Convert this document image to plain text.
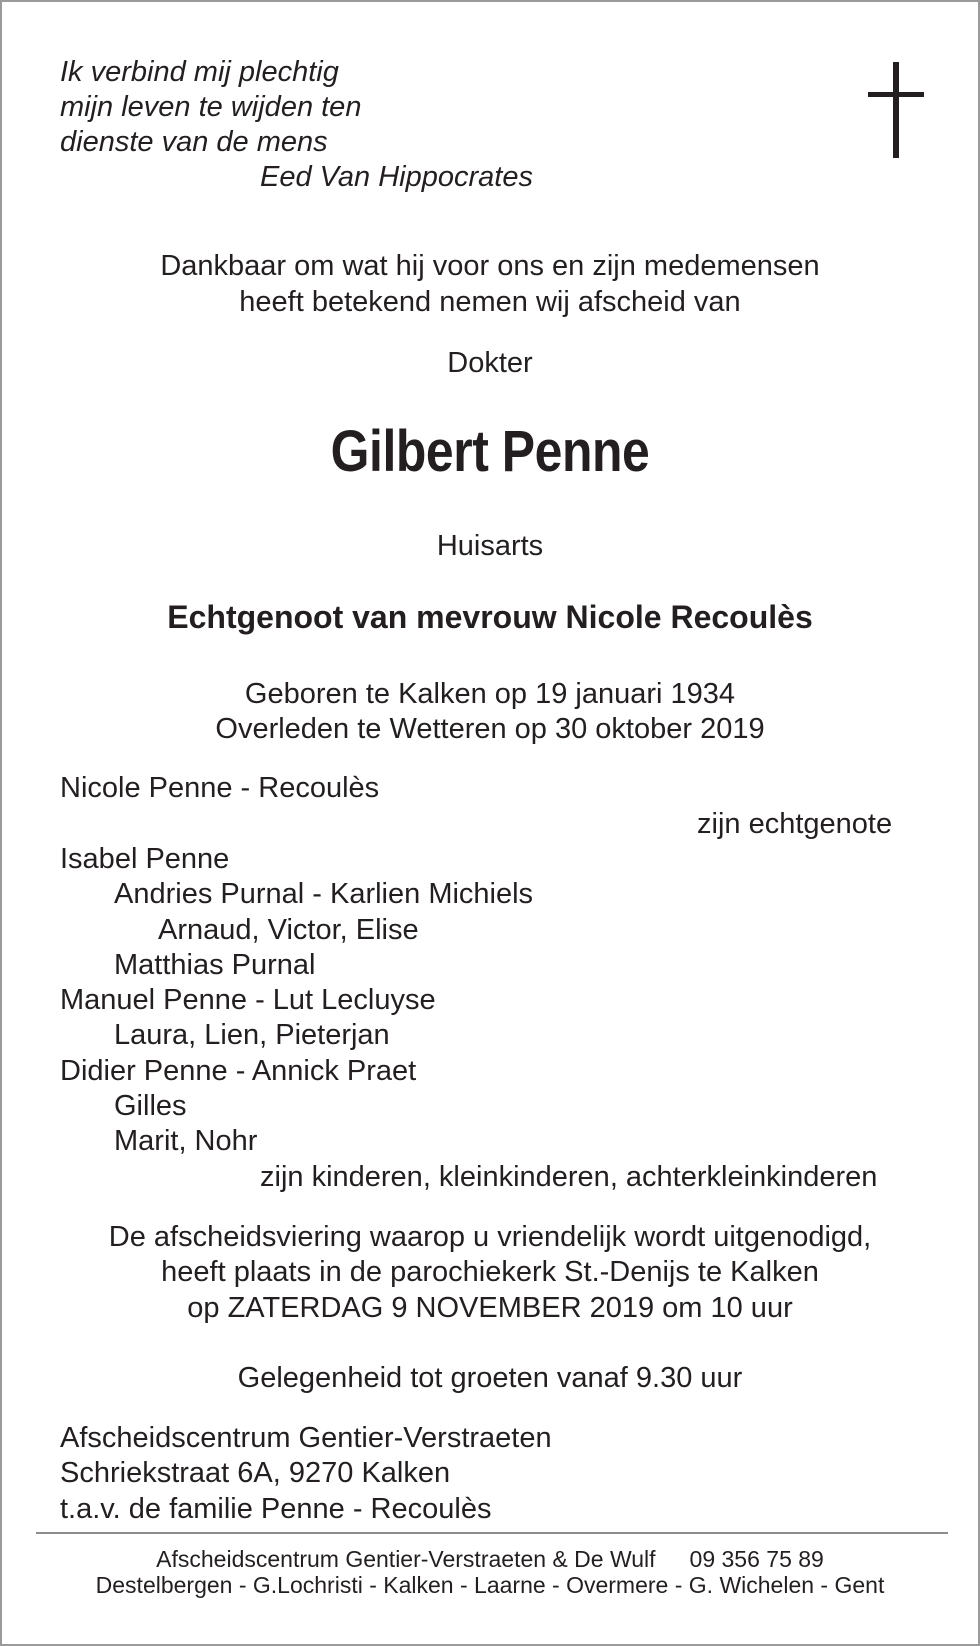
Ik verbind mij plechtig
mijn leven te wijden ten
dienste van de mens
Eed Van Hippocrates
Dankbaar om wat hij voor ons en zijn medemensen
heeft betekend nemen wij afscheid van
Dokter
Gilbert Penne
Huisarts
Echtgenoot van mevrouw Nicole Recoulès
Geboren te Kalken op 19 januari 1934
Overleden te Wetteren op 30 oktober 2019
Nicole Penne - Recoulès
zijn echtgenote
Isabel Penne
Andries Purnal - Karlien Michiels
Arnaud, Victor, Elise
Matthias Purnal
Manuel Penne - Lut Lecluyse
Laura, Lien, Pieterjan
Didier Penne - Annick Praet
Gilles
Marit, Nohr
zijn kinderen, kleinkinderen, achterkleinkinderen
De afscheidsviering waarop u vriendelijk wordt uitgenodigd,
heeft plaats in de parochiekerk St.-Denijs te Kalken
op ZATERDAG 9 NOVEMBER 2019 om 10 uur
Gelegenheid tot groeten vanaf 9.30 uur
Afscheidscentrum Gentier-Verstraeten
Schriekstraat 6A, 9270 Kalken
t.a.v. de familie Penne - Recoulès
Afscheidscentrum Gentier-Verstraeten & De Wulf 09 356 75 89
Destelbergen - G.Lochristi - Kalken - Laarne - Overmere - G. Wichelen - Gent
